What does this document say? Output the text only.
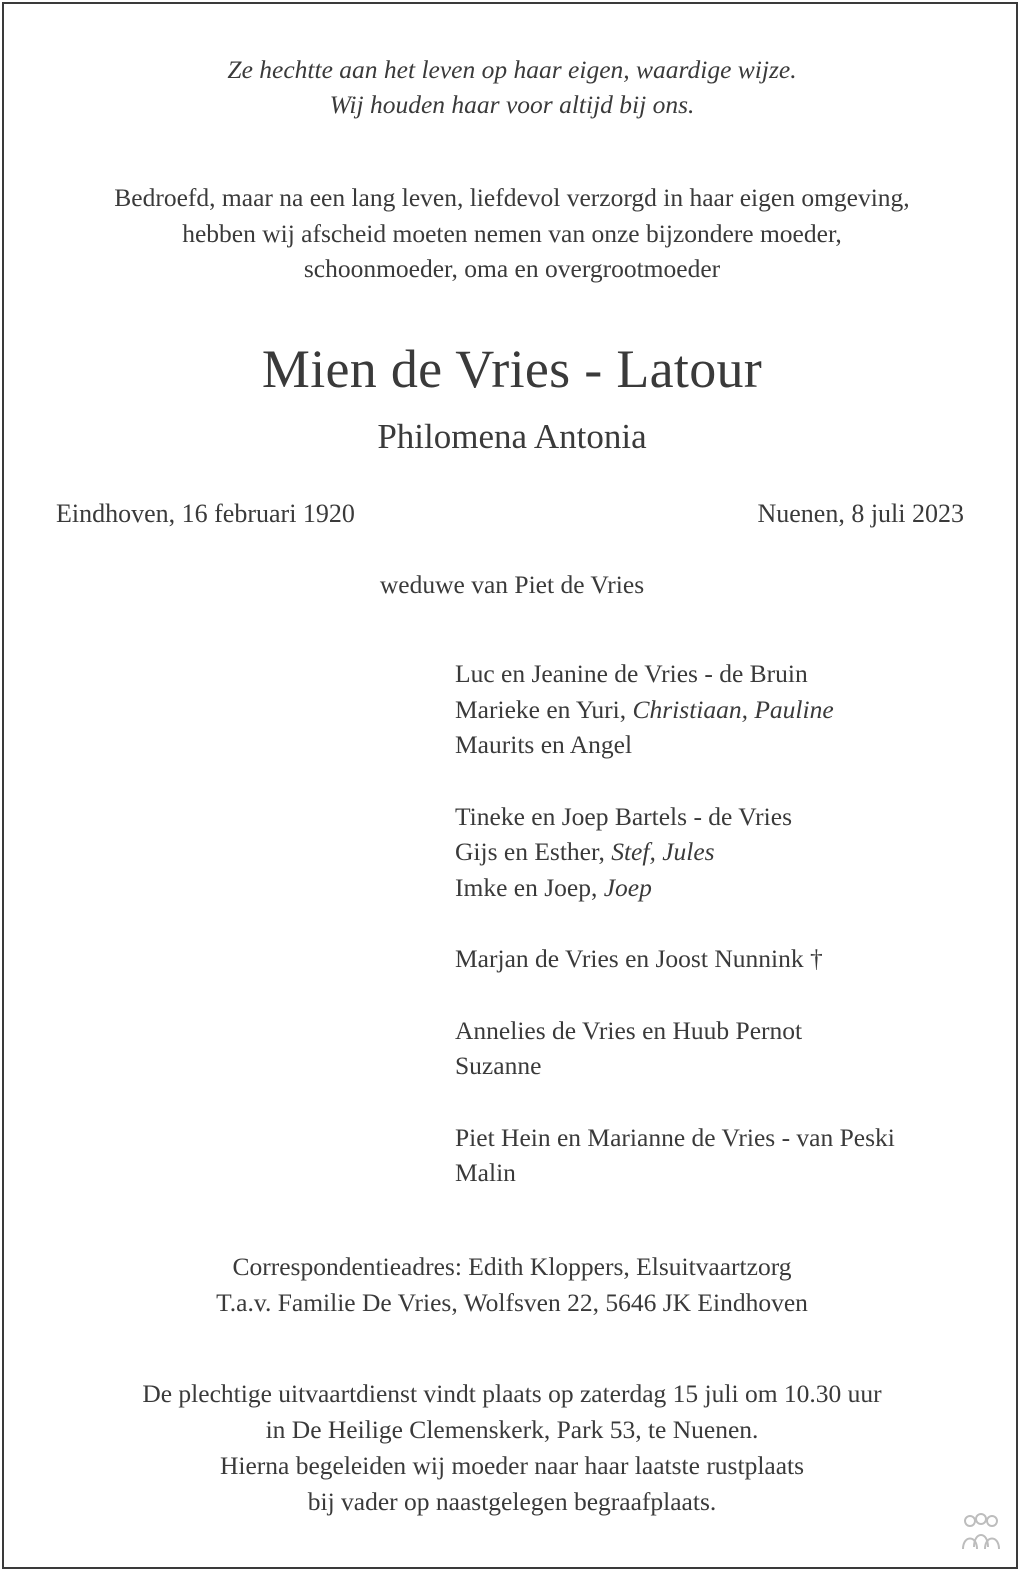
Ze hechtte aan het leven op haar eigen, waardige wijze.
Wij houden haar voor altijd bij ons.
Bedroefd, maar na een lang leven, liefdevol verzorgd in haar eigen omgeving,
hebben wij afscheid moeten nemen van onze bijzondere moeder,
schoonmoeder, oma en overgrootmoeder
Mien de Vries - Latour
Philomena Antonia
Eindhoven, 16 februari 1920	Nuenen, 8 juli 2023
weduwe van Piet de Vries
Luc en Jeanine de Vries - de Bruin
Marieke en Yuri, Christiaan, Pauline
Maurits en Angel
Tineke en Joep Bartels - de Vries
Gijs en Esther, Stef, Jules
Imke en Joep, Joep
Marjan de Vries en Joost Nunnink †
Annelies de Vries en Huub Pernot
Suzanne
Piet Hein en Marianne de Vries - van Peski
Malin
Correspondentieadres: Edith Kloppers, Elsuitvaartzorg
T.a.v. Familie De Vries, Wolfsven 22, 5646 JK Eindhoven
De plechtige uitvaartdienst vindt plaats op zaterdag 15 juli om 10.30 uur
in De Heilige Clemenskerk, Park 53, te Nuenen.
Hierna begeleiden wij moeder naar haar laatste rustplaats
bij vader op naastgelegen begraafplaats.
